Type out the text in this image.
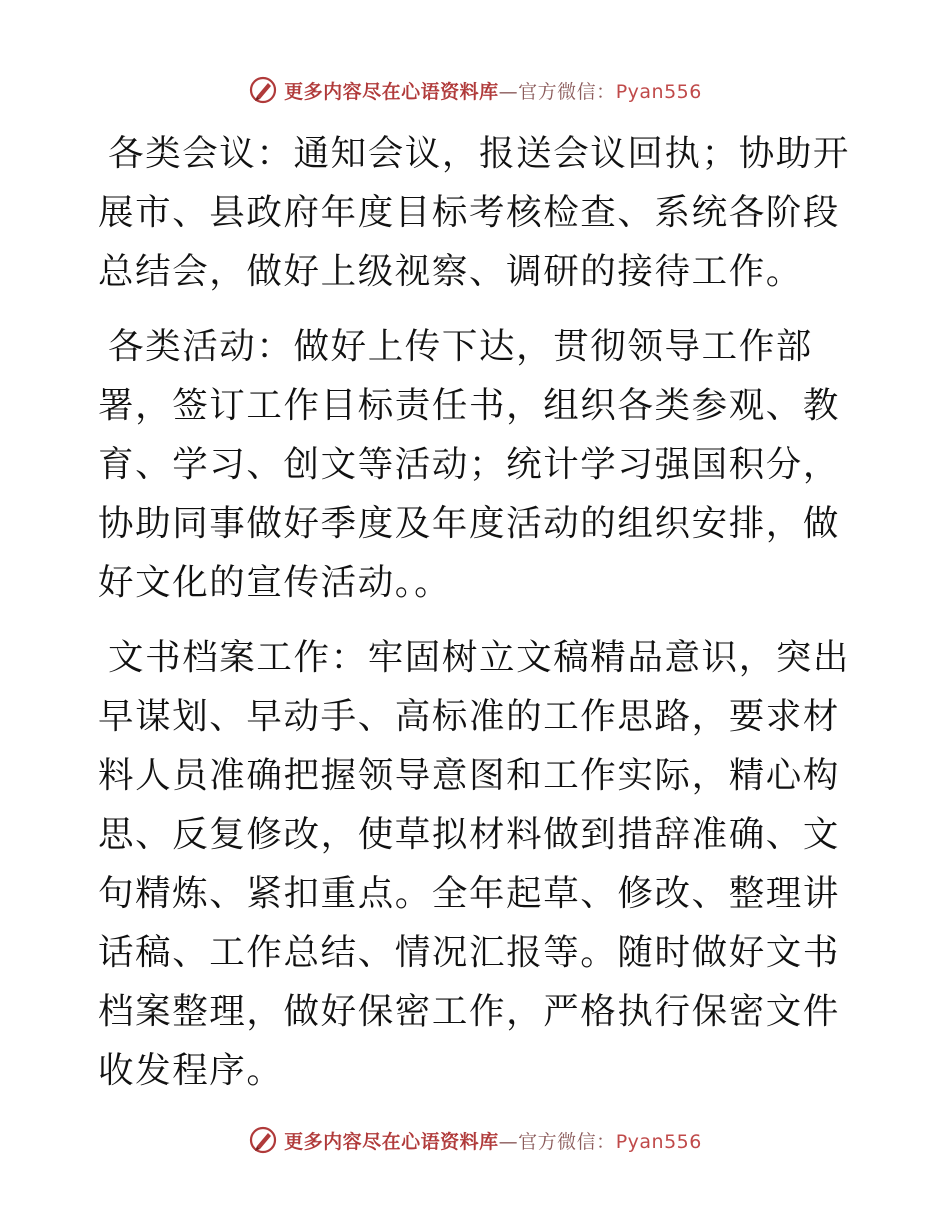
更多内容尽在心语资料库—官方微信：Pyan556

各类会议：通知会议，报送会议回执；协助开展市、县政府年度目标考核检查、系统各阶段总结会，做好上级视察、调研的接待工作。

各类活动：做好上传下达，贯彻领导工作部署，签订工作目标责任书，组织各类参观、教育、学习、创文等活动；统计学习强国积分，协助同事做好季度及年度活动的组织安排，做好文化的宣传活动。。

文书档案工作：牢固树立文稿精品意识，突出早谋划、早动手、高标准的工作思路，要求材料人员准确把握领导意图和工作实际，精心构思、反复修改，使草拟材料做到措辞准确、文句精炼、紧扣重点。全年起草、修改、整理讲话稿、工作总结、情况汇报等。随时做好文书档案整理，做好保密工作，严格执行保密文件收发程序。

更多内容尽在心语资料库—官方微信：Pyan556
